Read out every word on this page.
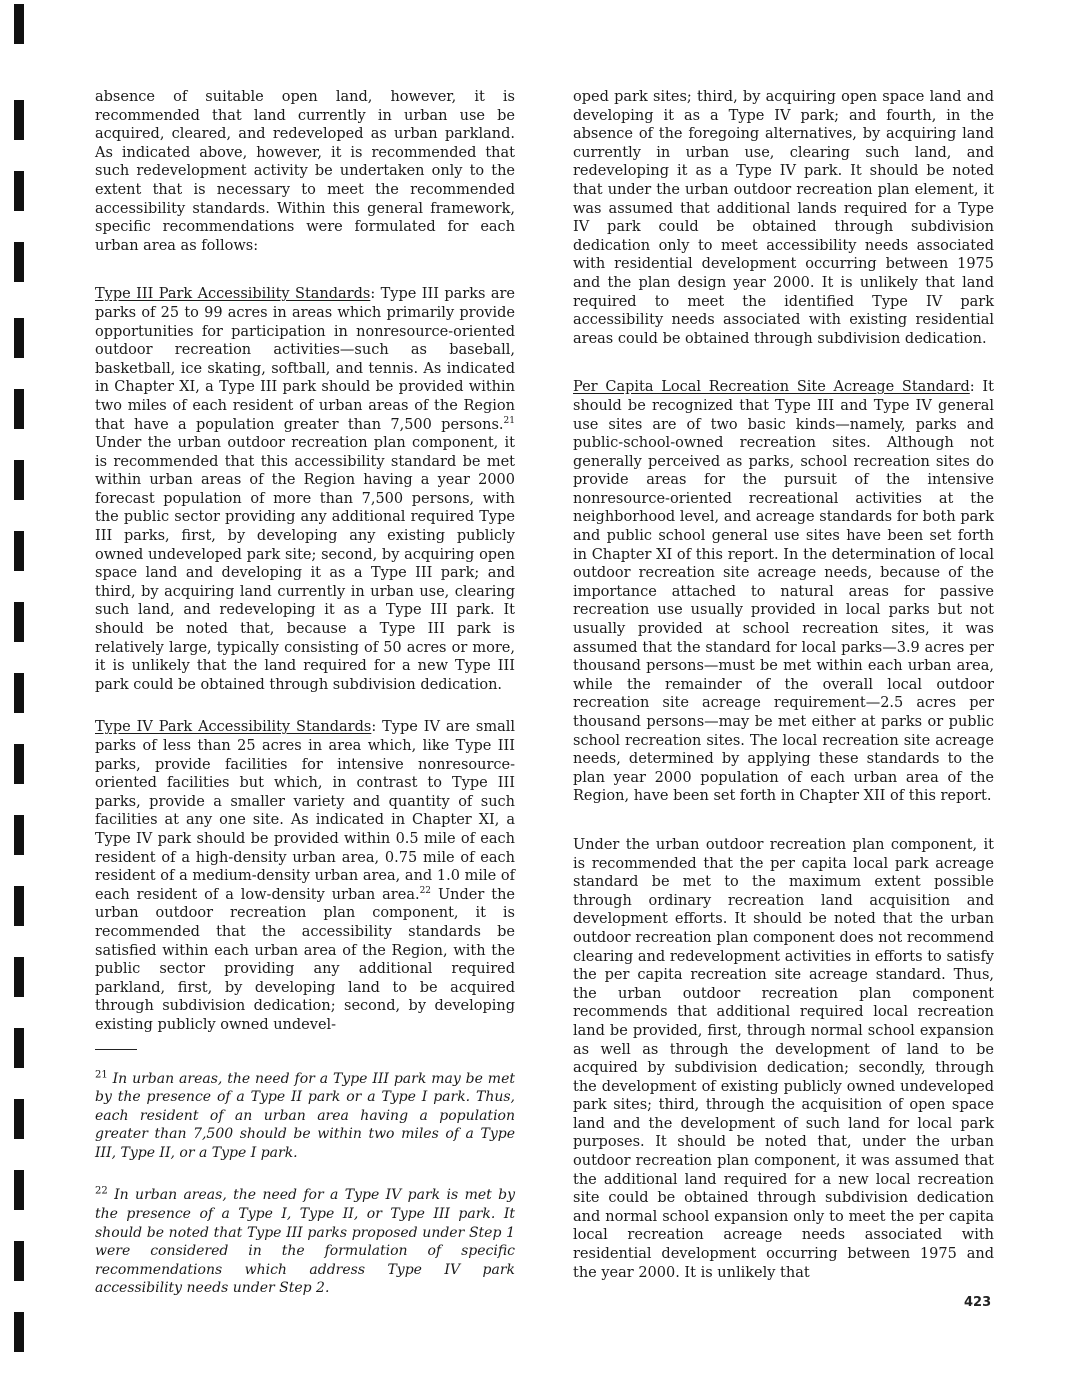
absence of suitable open land, however, it is recommended that land currently in urban use be acquired, cleared, and redeveloped as urban parkland. As indicated above, however, it is recommended that such redevelopment activity be undertaken only to the extent that is necessary to meet the recommended accessibility standards. Within this general framework, specific recommendations were formulated for each urban area as follows:

Type III Park Accessibility Standards: Type III parks are parks of 25 to 99 acres in areas which primarily provide opportunities for participation in nonresource-oriented outdoor recreation activities—such as baseball, basketball, ice skating, softball, and tennis. As indicated in Chapter XI, a Type III park should be provided within two miles of each resident of urban areas of the Region that have a population greater than 7,500 persons.$^{21}$ Under the urban outdoor recreation plan component, it is recommended that this accessibility standard be met within urban areas of the Region having a year 2000 forecast population of more than 7,500 persons, with the public sector providing any additional required Type III parks, first, by developing any existing publicly owned undeveloped park site; second, by acquiring open space land and developing it as a Type III park; and third, by acquiring land currently in urban use, clearing such land, and redeveloping it as a Type III park. It should be noted that, because a Type III park is relatively large, typically consisting of 50 acres or more, it is unlikely that the land required for a new Type III park could be obtained through subdivision dedication.

Type IV Park Accessibility Standards: Type IV are small parks of less than 25 acres in area which, like Type III parks, provide facilities for intensive nonresource-oriented facilities but which, in contrast to Type III parks, provide a smaller variety and quantity of such facilities at any one site. As indicated in Chapter XI, a Type IV park should be provided within 0.5 mile of each resident of a high-density urban area, 0.75 mile of each resident of a medium-density urban area, and 1.0 mile of each resident of a low-density urban area.$^{22}$ Under the urban outdoor recreation plan component, it is recommended that the accessibility standards be satisfied within each urban area of the Region, with the public sector providing any additional required parkland, first, by developing land to be acquired through subdivision dedication; second, by developing existing publicly owned undevel-

$^{21}$ In urban areas, the need for a Type III park may be met by the presence of a Type II park or a Type I park. Thus, each resident of an urban area having a population greater than 7,500 should be within two miles of a Type III, Type II, or a Type I park.

$^{22}$ In urban areas, the need for a Type IV park is met by the presence of a Type I, Type II, or Type III park. It should be noted that Type III parks proposed under Step 1 were considered in the formulation of specific recommendations which address Type IV park accessibility needs under Step 2.

oped park sites; third, by acquiring open space land and developing it as a Type IV park; and fourth, in the absence of the foregoing alternatives, by acquiring land currently in urban use, clearing such land, and redeveloping it as a Type IV park. It should be noted that under the urban outdoor recreation plan element, it was assumed that additional lands required for a Type IV park could be obtained through subdivision dedication only to meet accessibility needs associated with residential development occurring between 1975 and the plan design year 2000. It is unlikely that land required to meet the identified Type IV park accessibility needs associated with existing residential areas could be obtained through subdivision dedication.

Per Capita Local Recreation Site Acreage Standard: It should be recognized that Type III and Type IV general use sites are of two basic kinds—namely, parks and public-school-owned recreation sites. Although not generally perceived as parks, school recreation sites do provide areas for the pursuit of the intensive nonresource-oriented recreational activities at the neighborhood level, and acreage standards for both park and public school general use sites have been set forth in Chapter XI of this report. In the determination of local outdoor recreation site acreage needs, because of the importance attached to natural areas for passive recreation use usually provided in local parks but not usually provided at school recreation sites, it was assumed that the standard for local parks—3.9 acres per thousand persons—must be met within each urban area, while the remainder of the overall local outdoor recreation site acreage requirement—2.5 acres per thousand persons—may be met either at parks or public school recreation sites. The local recreation site acreage needs, determined by applying these standards to the plan year 2000 population of each urban area of the Region, have been set forth in Chapter XII of this report.

Under the urban outdoor recreation plan component, it is recommended that the per capita local park acreage standard be met to the maximum extent possible through ordinary recreation land acquisition and development efforts. It should be noted that the urban outdoor recreation plan component does not recommend clearing and redevelopment activities in efforts to satisfy the per capita recreation site acreage standard. Thus, the urban outdoor recreation plan component recommends that additional required local recreation land be provided, first, through normal school expansion as well as through the development of land to be acquired by subdivision dedication; secondly, through the development of existing publicly owned undeveloped park sites; third, through the acquisition of open space land and the development of such land for local park purposes. It should be noted that, under the urban outdoor recreation plan component, it was assumed that the additional land required for a new local recreation site could be obtained through subdivision dedication and normal school expansion only to meet the per capita local recreation acreage needs associated with residential development occurring between 1975 and the year 2000. It is unlikely that

423
